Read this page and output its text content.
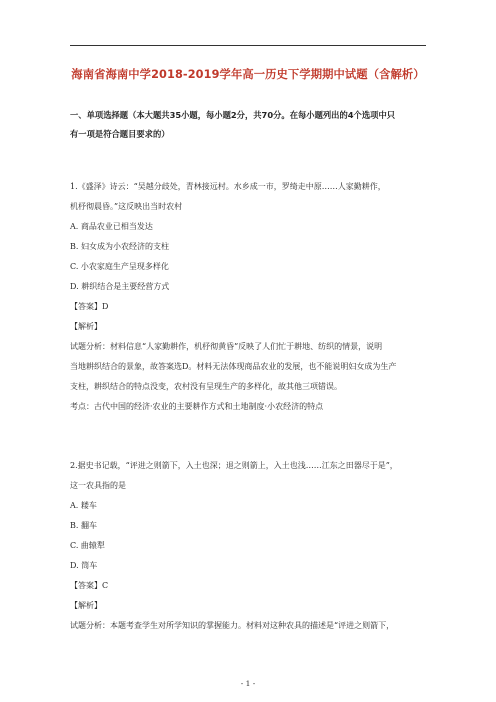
海南省海南中学2018-2019学年高一历史下学期期中试题（含解析）
一、单项选择题（本大题共35小题，每小题2分，共70分。在每小题列出的4个选项中只
有一项是符合题目要求的）
1.《盛泽》诗云：“吴越分歧处，青林接远村。水乡成一市，罗绮走中原……人家勤耕作，
机杼彻晨昏。”这反映出当时农村
A. 商品农业已相当发达
B. 妇女成为小农经济的支柱
C. 小农家庭生产呈现多样化
D. 耕织结合是主要经营方式
【答案】D
【解析】
试题分析：材料信息“人家勤耕作，机杼彻黄昏”反映了人们忙于耕地、纺织的情景，说明
当地耕织结合的景象，故答案选D。材料无法体现商品农业的发展，也不能说明妇女成为生产
支柱，耕织结合的特点没变，农村没有呈现生产的多样化，故其他三项错误。
考点：古代中国的经济·农业的主要耕作方式和土地制度·小农经济的特点
2.据史书记载，“评进之则箭下，入土也深；退之则箭上，入土也浅……江东之田器尽于是”，
这一农具指的是
A. 耧车
B. 翻车
C. 曲辕犁
D. 筒车
【答案】C
【解析】
试题分析：本题考查学生对所学知识的掌握能力。材料对这种农具的描述是“评进之则箭下，
- 1 -
